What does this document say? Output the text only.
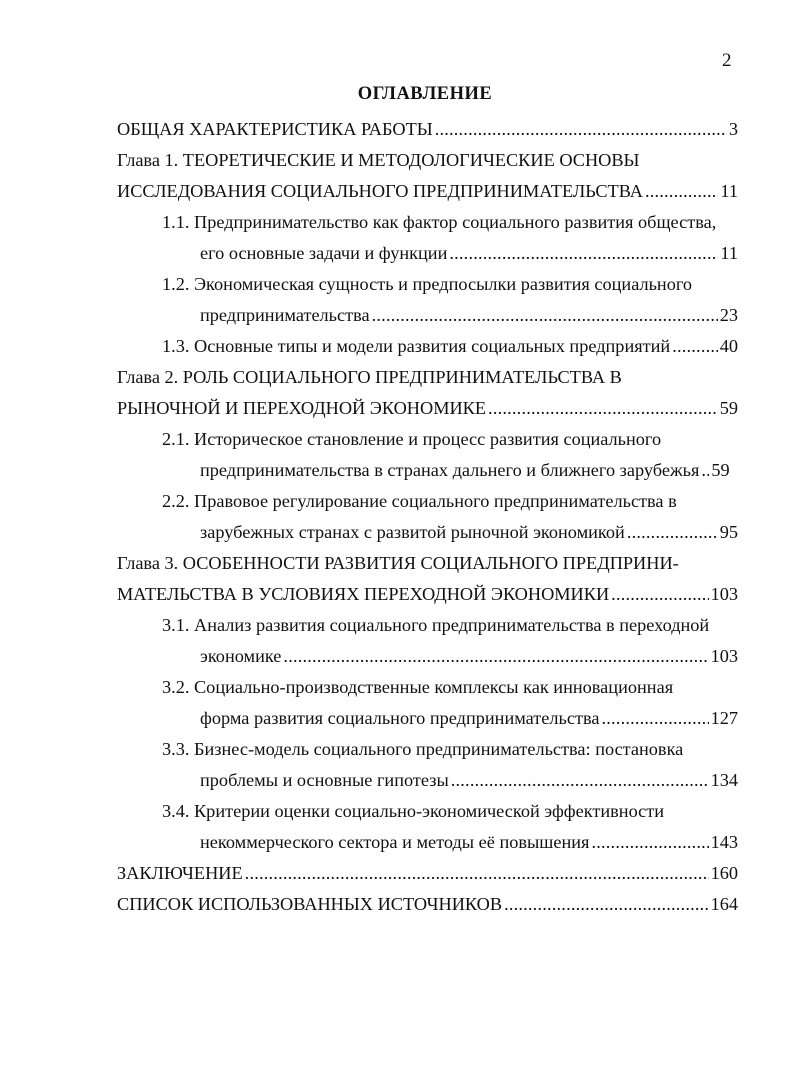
2
ОГЛАВЛЕНИЕ
ОБЩАЯ ХАРАКТЕРИСТИКА РАБОТЫ .....	3
Глава 1. ТЕОРЕТИЧЕСКИЕ И МЕТОДОЛОГИЧЕСКИЕ ОСНОВЫ
ИССЛЕДОВАНИЯ СОЦИАЛЬНОГО ПРЕДПРИНИМАТЕЛЬСТВА .....	11
1.1. Предпринимательство как фактор социального развития общества,
его основные задачи и функции .....	11
1.2. Экономическая сущность и предпосылки развития социального
предпринимательства .....	23
1.3. Основные типы и модели развития социальных предприятий .....	40
Глава 2. РОЛЬ СОЦИАЛЬНОГО ПРЕДПРИНИМАТЕЛЬСТВА В
РЫНОЧНОЙ И ПЕРЕХОДНОЙ ЭКОНОМИКЕ .....	59
2.1. Историческое становление и процесс развития социального
предпринимательства в странах дальнего и ближнего зарубежья ..... 59
2.2. Правовое регулирование социального предпринимательства в
зарубежных странах с развитой рыночной экономикой .....	95
Глава 3. ОСОБЕННОСТИ РАЗВИТИЯ СОЦИАЛЬНОГО ПРЕДПРИНИ-
МАТЕЛЬСТВА В УСЛОВИЯХ ПЕРЕХОДНОЙ ЭКОНОМИКИ .....	103
3.1. Анализ развития социального предпринимательства в переходной
экономике .....	103
3.2. Социально-производственные комплексы как инновационная
форма развития социального предпринимательства .....	127
3.3. Бизнес-модель социального предпринимательства: постановка
проблемы и основные гипотезы .....	134
3.4. Критерии оценки социально-экономической эффективности
некоммерческого сектора и методы её повышения .....	143
ЗАКЛЮЧЕНИЕ .....	160
СПИСОК ИСПОЛЬЗОВАННЫХ ИСТОЧНИКОВ .....	164
